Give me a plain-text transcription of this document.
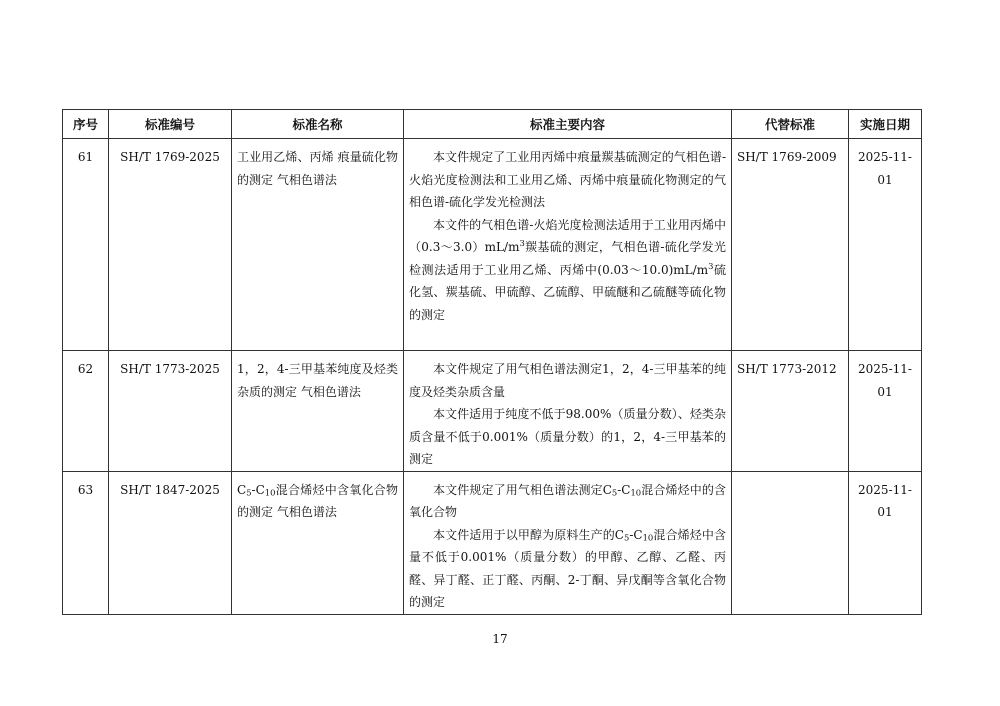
序号	标准编号	标准名称	标准主要内容	代替标准	实施日期
61	SH/T 1769-2025	工业用乙烯、丙烯 痕量硫化物的测定 气相色谱法	本文件规定了工业用丙烯中痕量羰基硫测定的气相色谱-火焰光度检测法和工业用乙烯、丙烯中痕量硫化物测定的气相色谱-硫化学发光检测法

本文件的气相色谱-火焰光度检测法适用于工业用丙烯中$(0.3\sim 3.0)mL/m^3$羰基硫的测定，气相色谱-硫化学发光检测法适用于工业用乙烯、丙烯中$(0.03\sim 10.0)mL/m^3$硫化氢、羰基硫、甲硫醇、乙硫醇、甲硫醚和乙硫醚等硫化物的测定	SH/T 1769-2009	2025-11-01
62	SH/T 1773-2025	1，2，4-三甲基苯纯度及烃类杂质的测定 气相色谱法	本文件规定了用气相色谱法测定1，2，4-三甲基苯的纯度及烃类杂质含量

本文件适用于纯度不低于98.00%（质量分数）、烃类杂质含量不低于0.001%（质量分数）的1，2，4-三甲基苯的测定	SH/T 1773-2012	2025-11-01
63	SH/T 1847-2025	$C_5-C_{10}$混合烯烃中含氧化合物的测定 气相色谱法	本文件规定了用气相色谱法测定$C_5-C_{10}$混合烯烃中的含氧化合物

本文件适用于以甲醇为原料生产的$C_5-C_{10}$混合烯烃中含量不低于0.001%（质量分数）的甲醇、乙醇、乙醛、丙醛、异丁醛、正丁醛、丙酮、2-丁酮、异戊酮等含氧化合物的测定		2025-11-01
17
